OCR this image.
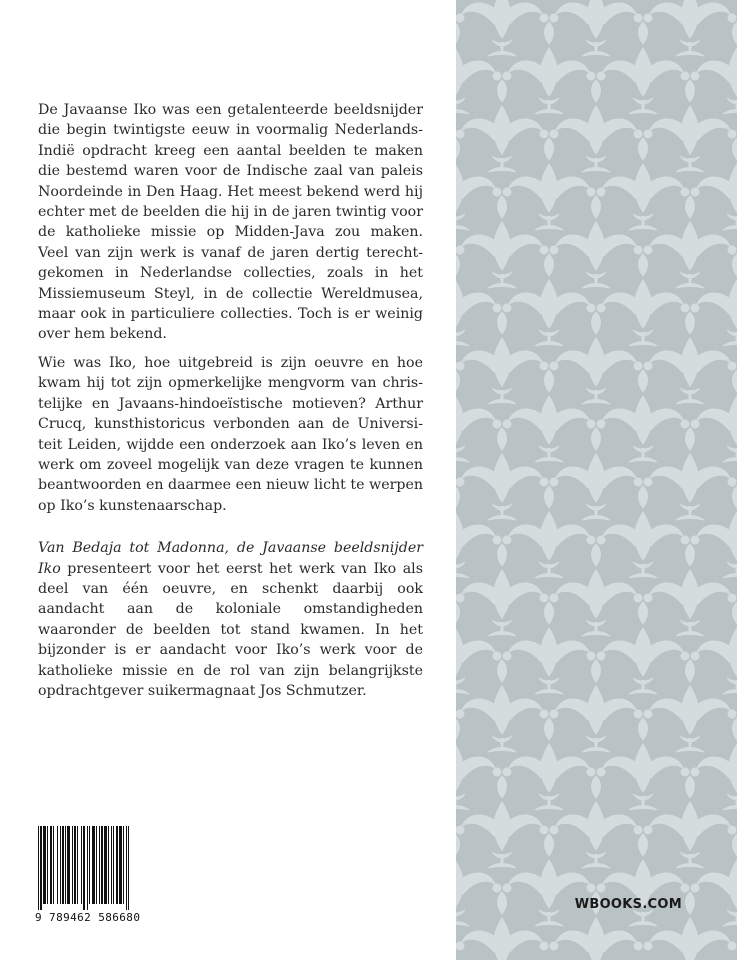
De Javaanse Iko was een getalenteerde beeldsnijder die begin twintigste eeuw in voormalig Nederlands-Indië opdracht kreeg een aantal beelden te maken die bestemd waren voor de Indische zaal van paleis Noordeinde in Den Haag. Het meest bekend werd hij echter met de beelden die hij in de jaren twintig voor de katholieke missie op Midden-Java zou maken. Veel van zijn werk is vanaf de jaren dertig terechtgekomen in Nederlandse collecties, zoals in het Missiemuseum Steyl, in de collectie Wereldmusea, maar ook in particuliere collecties. Toch is er weinig over hem bekend.

Wie was Iko, hoe uitgebreid is zijn oeuvre en hoe kwam hij tot zijn opmerkelijke mengvorm van christelijke en Javaans-hindoeïstische motieven? Arthur Crucq, kunsthistoricus verbonden aan de Universiteit Leiden, wijdde een onderzoek aan Iko’s leven en werk om zoveel mogelijk van deze vragen te kunnen beantwoorden en daarmee een nieuw licht te werpen op Iko’s kunstenaarschap.

Van Bedaja tot Madonna, de Javaanse beeldsnijder Iko presenteert voor het eerst het werk van Iko als deel van één oeuvre, en schenkt daarbij ook aandacht aan de koloniale omstandigheden waaronder de beelden tot stand kwamen. In het bijzonder is er aandacht voor Iko’s werk voor de katholieke missie en de rol van zijn belangrijkste opdrachtgever suikermagnaat Jos Schmutzer.

9 789462 586680
WBOOKS.COM
